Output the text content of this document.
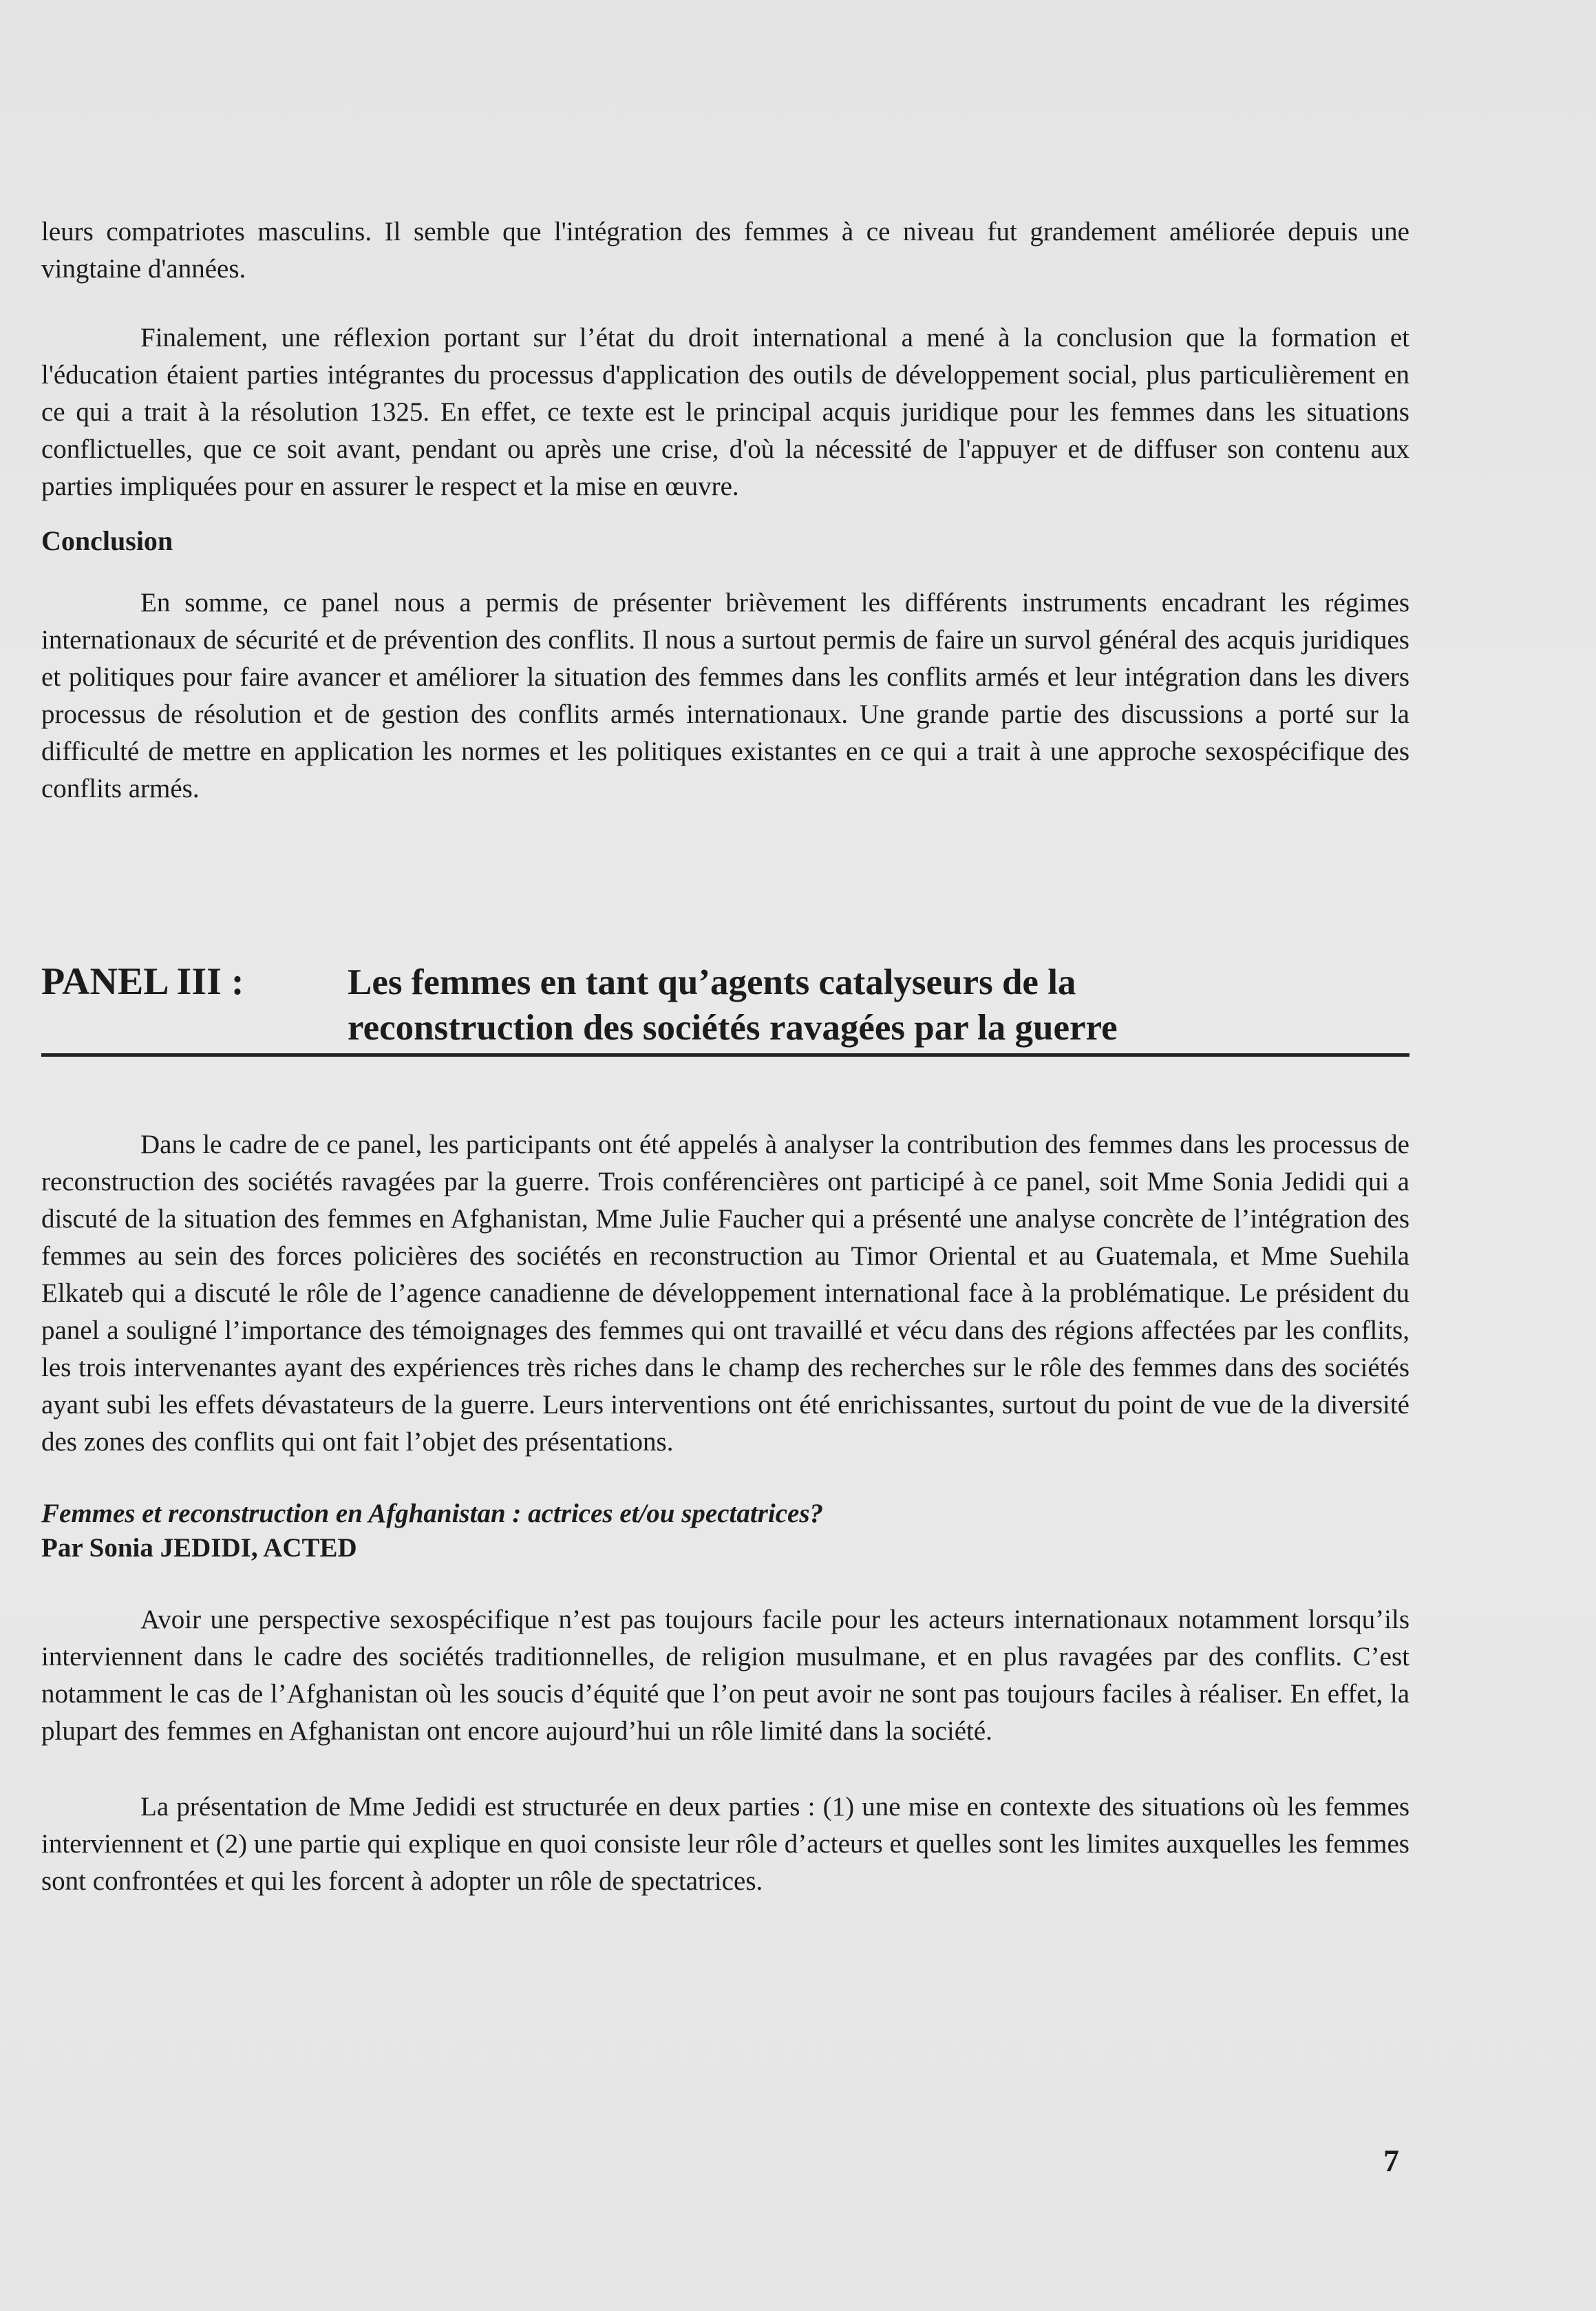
leurs compatriotes masculins. Il semble que l'intégration des femmes à ce niveau fut grandement améliorée depuis une vingtaine d'années.

Finalement, une réflexion portant sur l’état du droit international a mené à la conclusion que la formation et l'éducation étaient parties intégrantes du processus d'application des outils de développement social, plus particulièrement en ce qui a trait à la résolution 1325. En effet, ce texte est le principal acquis juridique pour les femmes dans les situations conflictuelles, que ce soit avant, pendant ou après une crise, d'où la nécessité de l'appuyer et de diffuser son contenu aux parties impliquées pour en assurer le respect et la mise en œuvre.

Conclusion

En somme, ce panel nous a permis de présenter brièvement les différents instruments encadrant les régimes internationaux de sécurité et de prévention des conflits. Il nous a surtout permis de faire un survol général des acquis juridiques et politiques pour faire avancer et améliorer la situation des femmes dans les conflits armés et leur intégration dans les divers processus de résolution et de gestion des conflits armés internationaux. Une grande partie des discussions a porté sur la difficulté de mettre en application les normes et les politiques existantes en ce qui a trait à une approche sexospécifique des conflits armés.

PANEL III :	Les femmes en tant qu’agents catalyseurs de la
reconstruction des sociétés ravagées par la guerre

Dans le cadre de ce panel, les participants ont été appelés à analyser la contribution des femmes dans les processus de reconstruction des sociétés ravagées par la guerre. Trois conférencières ont participé à ce panel, soit Mme Sonia Jedidi qui a discuté de la situation des femmes en Afghanistan, Mme Julie Faucher qui a présenté une analyse concrète de l’intégration des femmes au sein des forces policières des sociétés en reconstruction au Timor Oriental et au Guatemala, et Mme Suehila Elkateb qui a discuté le rôle de l’agence canadienne de développement international face à la problématique. Le président du panel a souligné l’importance des témoignages des femmes qui ont travaillé et vécu dans des régions affectées par les conflits, les trois intervenantes ayant des expériences très riches dans le champ des recherches sur le rôle des femmes dans des sociétés ayant subi les effets dévastateurs de la guerre. Leurs interventions ont été enrichissantes, surtout du point de vue de la diversité des zones des conflits qui ont fait l’objet des présentations.

Femmes et reconstruction en Afghanistan : actrices et/ou spectatrices?

Par Sonia JEDIDI, ACTED

Avoir une perspective sexospécifique n’est pas toujours facile pour les acteurs internationaux notamment lorsqu’ils interviennent dans le cadre des sociétés traditionnelles, de religion musulmane, et en plus ravagées par des conflits. C’est notamment le cas de l’Afghanistan où les soucis d’équité que l’on peut avoir ne sont pas toujours faciles à réaliser. En effet, la plupart des femmes en Afghanistan ont encore aujourd’hui un rôle limité dans la société.

La présentation de Mme Jedidi est structurée en deux parties : (1) une mise en contexte des situations où les femmes interviennent et (2) une partie qui explique en quoi consiste leur rôle d’acteurs et quelles sont les limites auxquelles les femmes sont confrontées et qui les forcent à adopter un rôle de spectatrices.

7
